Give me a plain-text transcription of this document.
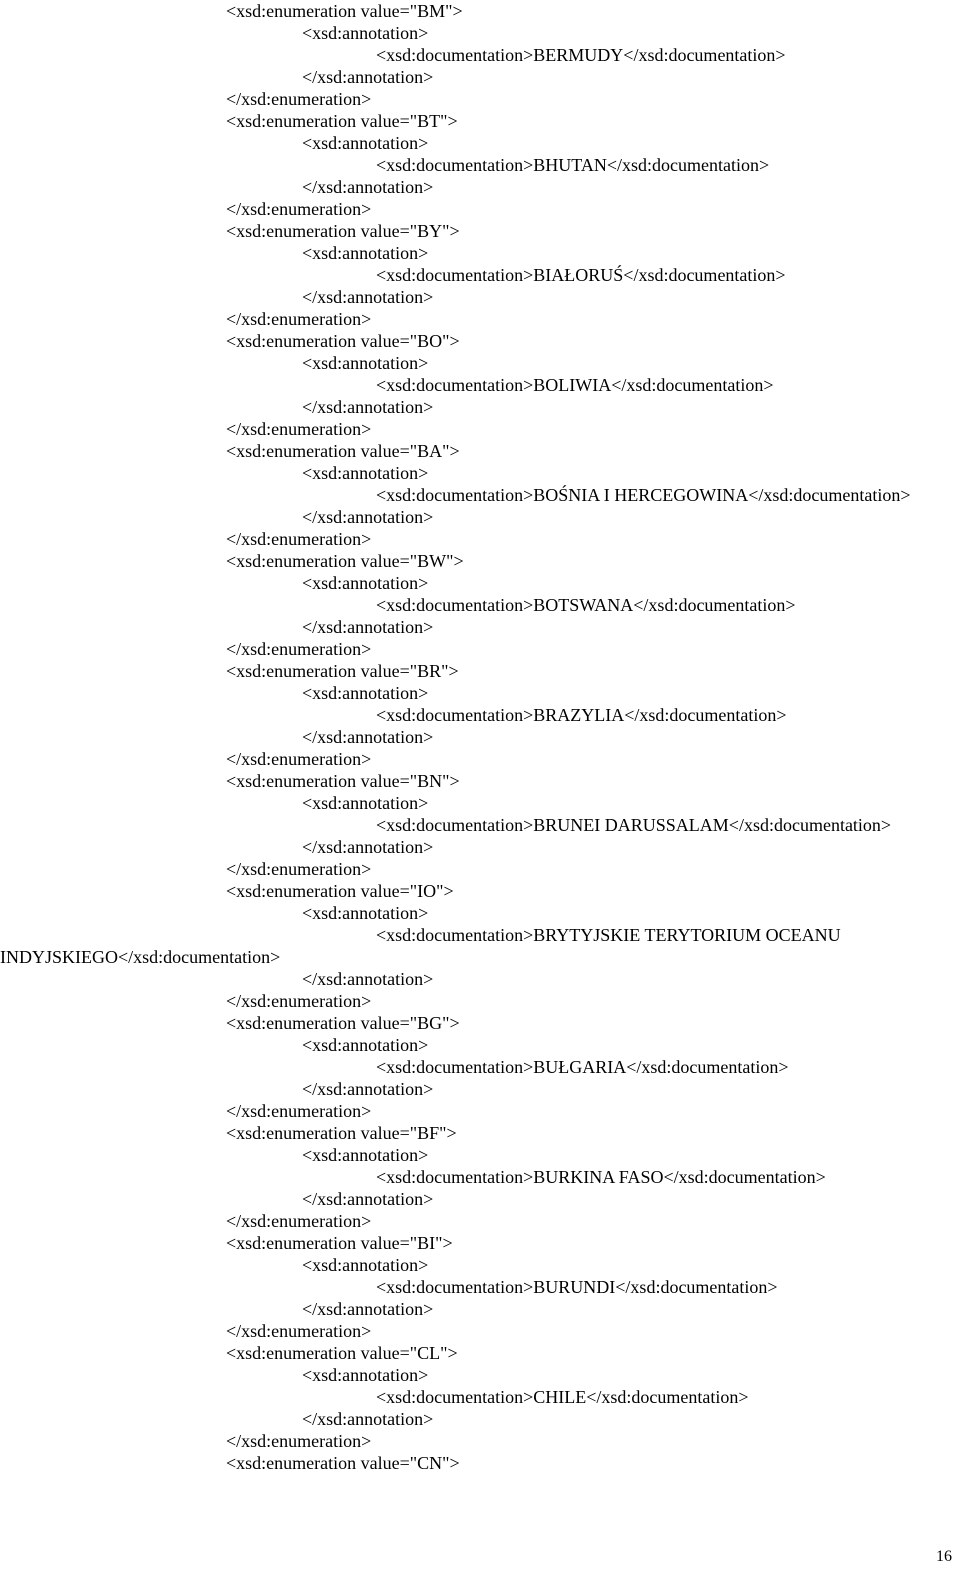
<xsd:enumeration value="BM">
<xsd:annotation>
<xsd:documentation>BERMUDY</xsd:documentation>
</xsd:annotation>
</xsd:enumeration>
<xsd:enumeration value="BT">
<xsd:annotation>
<xsd:documentation>BHUTAN</xsd:documentation>
</xsd:annotation>
</xsd:enumeration>
<xsd:enumeration value="BY">
<xsd:annotation>
<xsd:documentation>BIAŁORUŚ</xsd:documentation>
</xsd:annotation>
</xsd:enumeration>
<xsd:enumeration value="BO">
<xsd:annotation>
<xsd:documentation>BOLIWIA</xsd:documentation>
</xsd:annotation>
</xsd:enumeration>
<xsd:enumeration value="BA">
<xsd:annotation>
<xsd:documentation>BOŚNIA I HERCEGOWINA</xsd:documentation>
</xsd:annotation>
</xsd:enumeration>
<xsd:enumeration value="BW">
<xsd:annotation>
<xsd:documentation>BOTSWANA</xsd:documentation>
</xsd:annotation>
</xsd:enumeration>
<xsd:enumeration value="BR">
<xsd:annotation>
<xsd:documentation>BRAZYLIA</xsd:documentation>
</xsd:annotation>
</xsd:enumeration>
<xsd:enumeration value="BN">
<xsd:annotation>
<xsd:documentation>BRUNEI DARUSSALAM</xsd:documentation>
</xsd:annotation>
</xsd:enumeration>
<xsd:enumeration value="IO">
<xsd:annotation>
<xsd:documentation>BRYTYJSKIE TERYTORIUM OCEANU
INDYJSKIEGO</xsd:documentation>
</xsd:annotation>
</xsd:enumeration>
<xsd:enumeration value="BG">
<xsd:annotation>
<xsd:documentation>BUŁGARIA</xsd:documentation>
</xsd:annotation>
</xsd:enumeration>
<xsd:enumeration value="BF">
<xsd:annotation>
<xsd:documentation>BURKINA FASO</xsd:documentation>
</xsd:annotation>
</xsd:enumeration>
<xsd:enumeration value="BI">
<xsd:annotation>
<xsd:documentation>BURUNDI</xsd:documentation>
</xsd:annotation>
</xsd:enumeration>
<xsd:enumeration value="CL">
<xsd:annotation>
<xsd:documentation>CHILE</xsd:documentation>
</xsd:annotation>
</xsd:enumeration>
<xsd:enumeration value="CN">
16
